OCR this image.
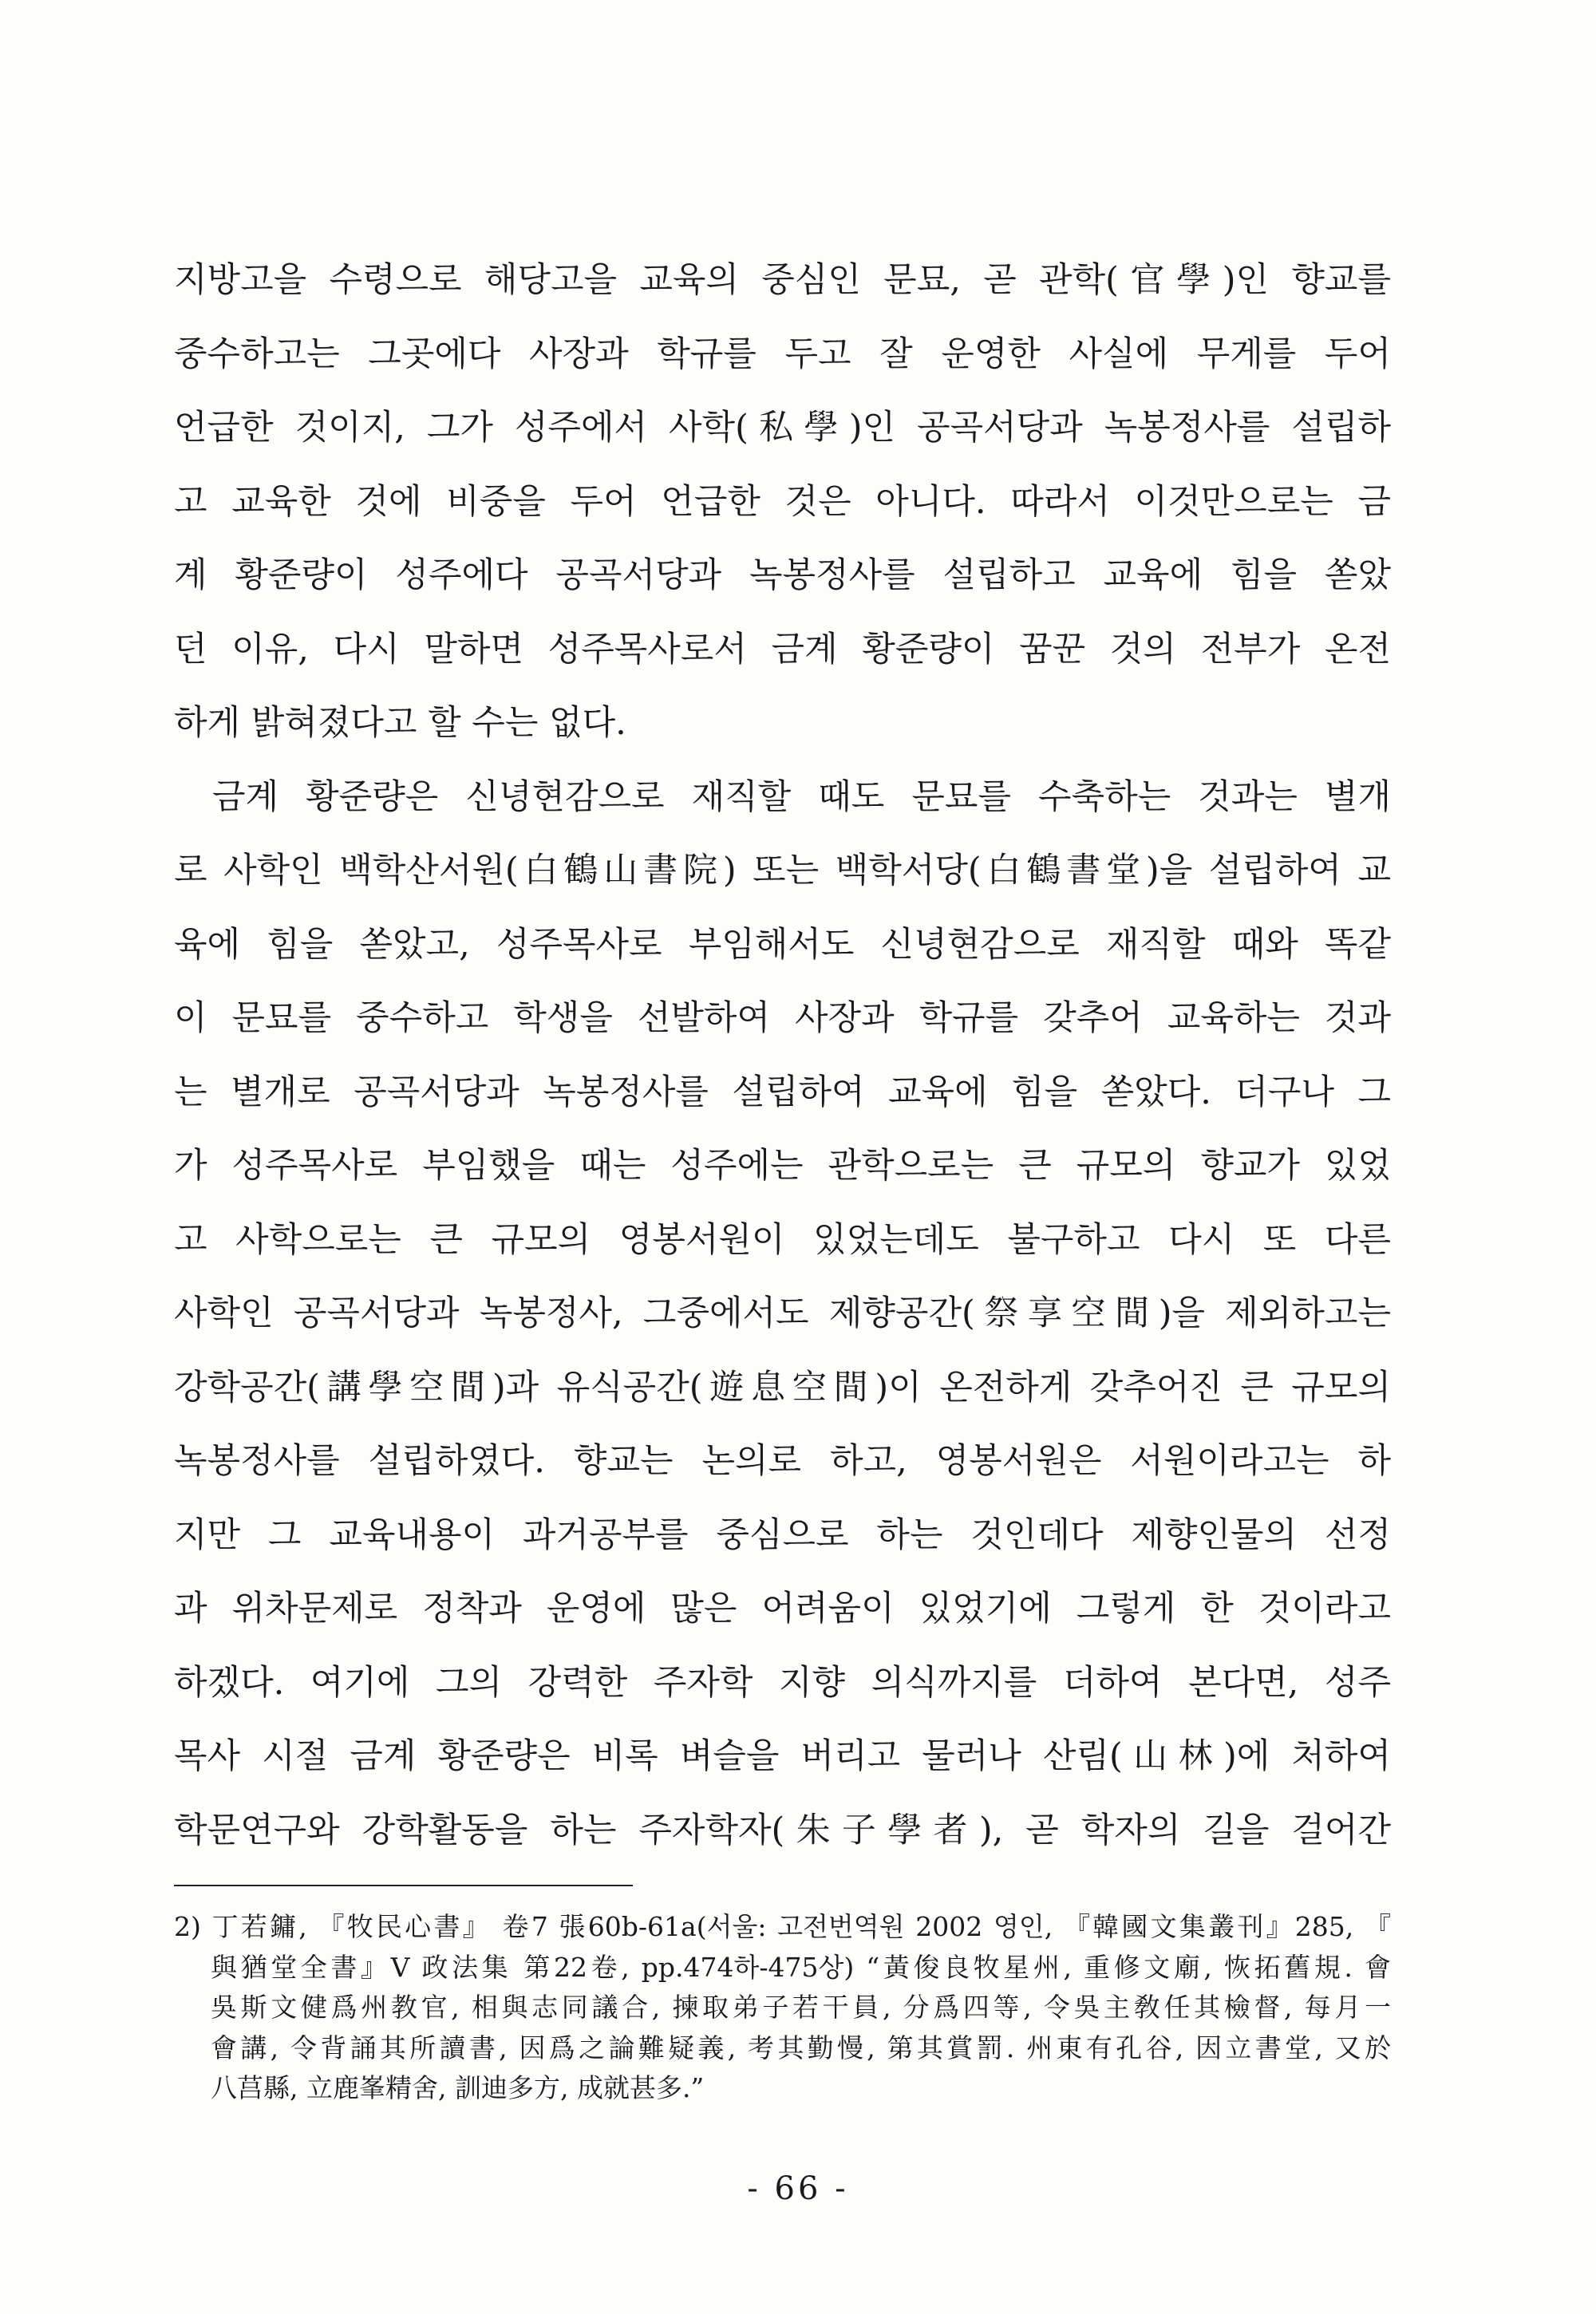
지방고을 수령으로 해당고을 교육의 중심인 문묘, 곧 관학(官學)인 향교를
중수하고는 그곳에다 사장과 학규를 두고 잘 운영한 사실에 무게를 두어
언급한 것이지, 그가 성주에서 사학(私學)인 공곡서당과 녹봉정사를 설립하
고 교육한 것에 비중을 두어 언급한 것은 아니다. 따라서 이것만으로는 금
계 황준량이 성주에다 공곡서당과 녹봉정사를 설립하고 교육에 힘을 쏟았
던 이유, 다시 말하면 성주목사로서 금계 황준량이 꿈꾼 것의 전부가 온전
하게 밝혀졌다고 할 수는 없다.
금계 황준량은 신녕현감으로 재직할 때도 문묘를 수축하는 것과는 별개
로 사학인 백학산서원(白鶴山書院) 또는 백학서당(白鶴書堂)을 설립하여 교
육에 힘을 쏟았고, 성주목사로 부임해서도 신녕현감으로 재직할 때와 똑같
이 문묘를 중수하고 학생을 선발하여 사장과 학규를 갖추어 교육하는 것과
는 별개로 공곡서당과 녹봉정사를 설립하여 교육에 힘을 쏟았다. 더구나 그
가 성주목사로 부임했을 때는 성주에는 관학으로는 큰 규모의 향교가 있었
고 사학으로는 큰 규모의 영봉서원이 있었는데도 불구하고 다시 또 다른
사학인 공곡서당과 녹봉정사, 그중에서도 제향공간(祭享空間)을 제외하고는
강학공간(講學空間)과 유식공간(遊息空間)이 온전하게 갖추어진 큰 규모의
녹봉정사를 설립하였다. 향교는 논의로 하고, 영봉서원은 서원이라고는 하
지만 그 교육내용이 과거공부를 중심으로 하는 것인데다 제향인물의 선정
과 위차문제로 정착과 운영에 많은 어려움이 있었기에 그렇게 한 것이라고
하겠다. 여기에 그의 강력한 주자학 지향 의식까지를 더하여 본다면, 성주
목사 시절 금계 황준량은 비록 벼슬을 버리고 물러나 산림(山林)에 처하여
학문연구와 강학활동을 하는 주자학자(朱子學者), 곧 학자의 길을 걸어간
2) 丁若鏞, 『牧民心書』 卷7 張60b-61a(서울: 고전번역원 2002 영인, 『韓國文集叢刊』285, 『
與猶堂全書』V 政法集 第22卷, pp.474하-475상) “黃俊良牧星州, 重修文廟, 恢拓舊規. 會
吳斯文健爲州教官, 相與志同議合, 揀取弟子若干員, 分爲四等, 令吳主敎任其檢督, 每月一
會講, 令背誦其所讀書, 因爲之論難疑義, 考其勤慢, 第其賞罰. 州東有孔谷, 因立書堂, 又於
八莒縣, 立鹿峯精舍, 訓迪多方, 成就甚多.”
- 66 -
